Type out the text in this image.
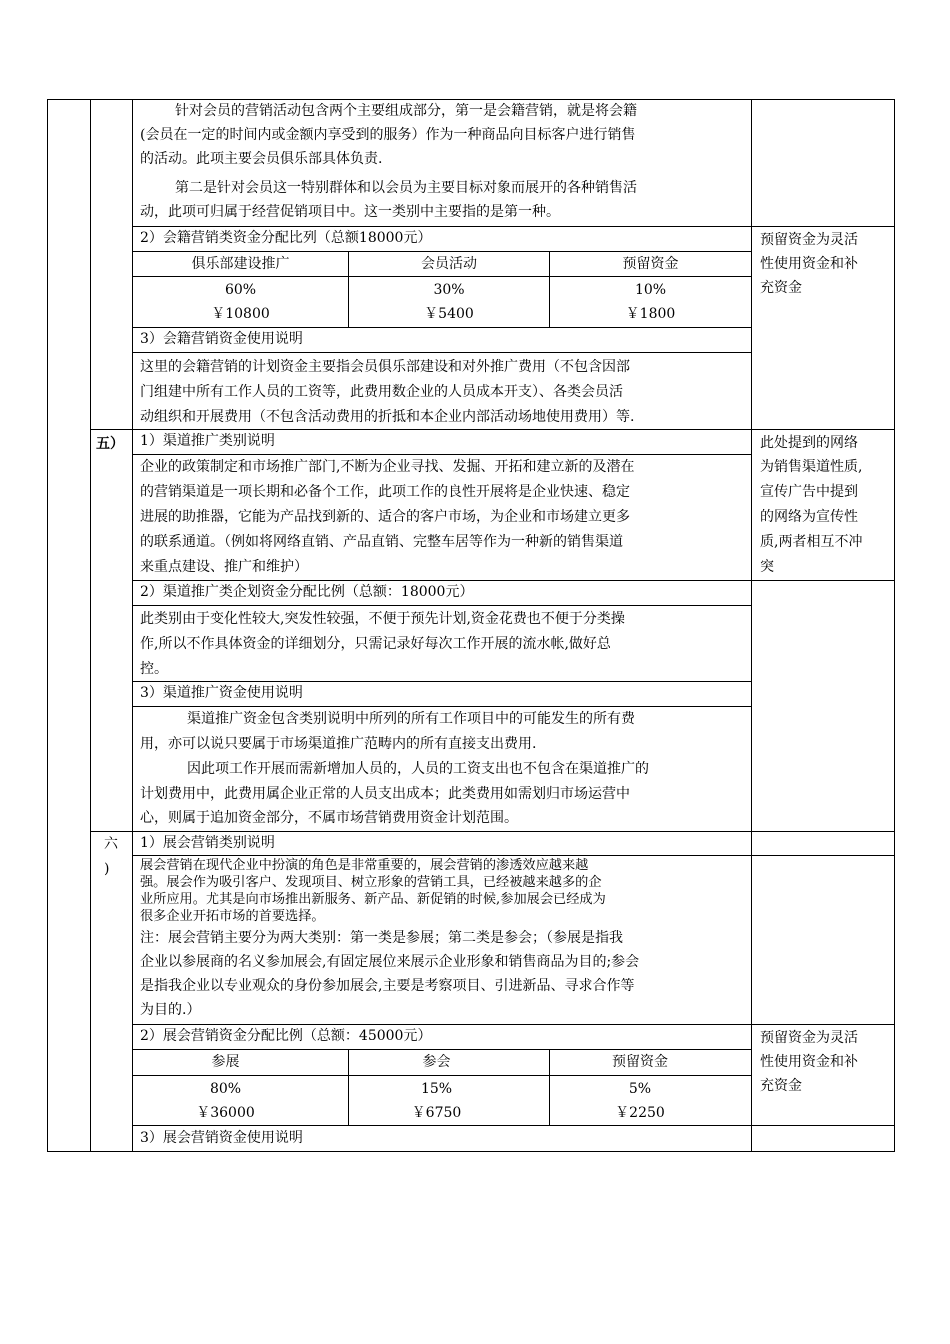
针对会员的营销活动包含两个主要组成部分，第一是会籍营销，就是将会籍
(会员在一定的时间内或金额内享受到的服务）作为一种商品向目标客户进行销售
的活动。此项主要会员俱乐部具体负责.
第二是针对会员这一特别群体和以会员为主要目标对象而展开的各种销售活
动，此项可归属于经营促销项目中。这一类别中主要指的是第一种。
2）会籍营销类资金分配比列（总额18000元）
俱乐部建设推广	会员活动	预留资金
60%	30%	10%
￥10800	￥5400	￥1800
预留资金为灵活
性使用资金和补
充资金
3）会籍营销资金使用说明
这里的会籍营销的计划资金主要指会员俱乐部建设和对外推广费用（不包含因部
门组建中所有工作人员的工资等，此费用数企业的人员成本开支）、各类会员活
动组织和开展费用（不包含活动费用的折抵和本企业内部活动场地使用费用）等.
五） 1）渠道推广类别说明
企业的政策制定和市场推广部门,不断为企业寻找、发掘、开拓和建立新的及潜在
的营销渠道是一项长期和必备个工作，此项工作的良性开展将是企业快速、稳定
进展的助推器，它能为产品找到新的、适合的客户市场，为企业和市场建立更多
的联系通道。（例如将网络直销、产品直销、完整车居等作为一种新的销售渠道
来重点建设、推广和维护）
此处提到的网络
为销售渠道性质,
宣传广告中提到
的网络为宣传性
质,两者相互不冲
突
2）渠道推广类企划资金分配比例（总额：18000元）
此类别由于变化性较大,突发性较强，不便于预先计划,资金花费也不便于分类操
作,所以不作具体资金的详细划分，只需记录好每次工作开展的流水帐,做好总
控。
3）渠道推广资金使用说明
渠道推广资金包含类别说明中所列的所有工作项目中的可能发生的所有费
用，亦可以说只要属于市场渠道推广范畴内的所有直接支出费用.
因此项工作开展而需新增加人员的，人员的工资支出也不包含在渠道推广的
计划费用中，此费用属企业正常的人员支出成本；此类费用如需划归市场运营中
心，则属于追加资金部分，不属市场营销费用资金计划范围。
六
)
1）展会营销类别说明
展会营销在现代企业中扮演的角色是非常重要的，展会营销的渗透效应越来越
强。展会作为吸引客户、发现项目、树立形象的营销工具，已经被越来越多的企
业所应用。尤其是向市场推出新服务、新产品、新促销的时候,参加展会已经成为
很多企业开拓市场的首要选择。
注：展会营销主要分为两大类别：第一类是参展；第二类是参会；（参展是指我
企业以参展商的名义参加展会,有固定展位来展示企业形象和销售商品为目的;参会
是指我企业以专业观众的身份参加展会,主要是考察项目、引进新品、寻求合作等
为目的.）
2）展会营销资金分配比例（总额：45000元）
参展	参会	预留资金
80%	15%	5%
￥36000	￥6750	￥2250
预留资金为灵活
性使用资金和补
充资金
3）展会营销资金使用说明
